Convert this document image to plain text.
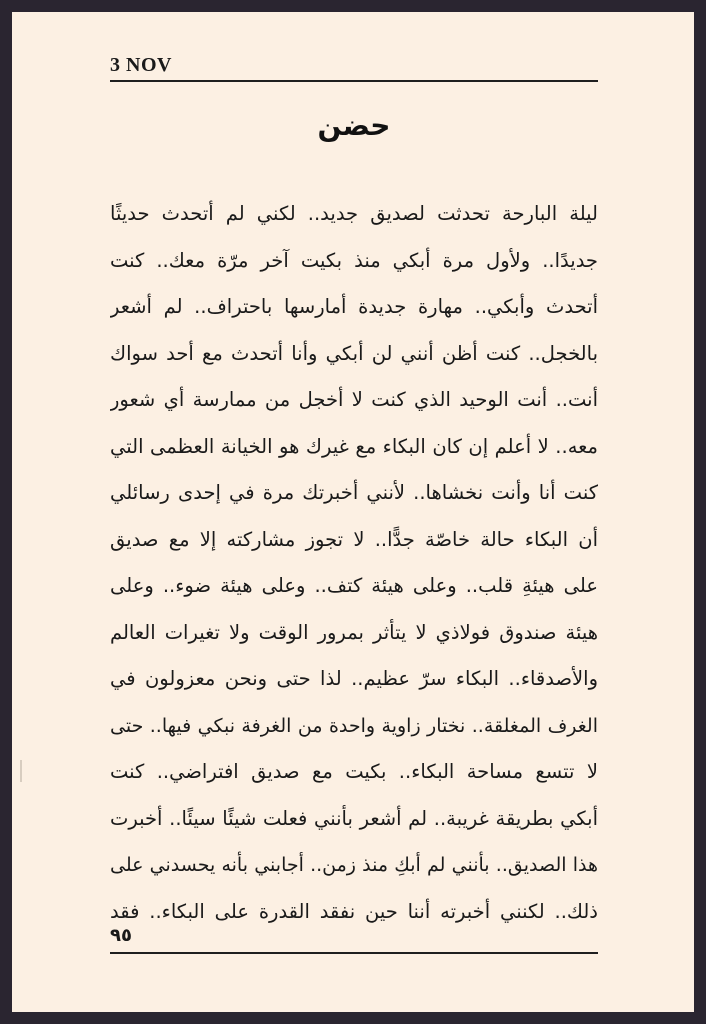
3 NOV
حضن
ليلة البارحة تحدثت لصديق جديد.. لكني لم أتحدث حديثًا
جديدًا.. ولأول مرة أبكي منذ بكيت آخر مرّة معك.. كنت
أتحدث وأبكي.. مهارة جديدة أمارسها باحتراف.. لم أشعر
بالخجل.. كنت أظن أنني لن أبكي وأنا أتحدث مع أحد سواك
أنت.. أنت الوحيد الذي كنت لا أخجل من ممارسة أي شعور
معه.. لا أعلم إن كان البكاء مع غيرك هو الخيانة العظمى التي
كنت أنا وأنت نخشاها.. لأنني أخبرتك مرة في إحدى رسائلي
أن البكاء حالة خاصّة جدًّا.. لا تجوز مشاركته إلا مع صديق
على هيئةِ قلب.. وعلى هيئة كتف.. وعلى هيئة ضوء.. وعلى
هيئة صندوق فولاذي لا يتأثر بمرور الوقت ولا تغيرات العالم
والأصدقاء.. البكاء سرّ عظيم.. لذا حتى ونحن معزولون في
الغرف المغلقة.. نختار زاوية واحدة من الغرفة نبكي فيها.. حتى
لا تتسع مساحة البكاء.. بكيت مع صديق افتراضي.. كنت
أبكي بطريقة غريبة.. لم أشعر بأنني فعلت شيئًا سيئًا.. أخبرت
هذا الصديق.. بأنني لم أبكِ منذ زمن.. أجابني بأنه يحسدني على
ذلك.. لكنني أخبرته أننا حين نفقد القدرة على البكاء.. فقد
٩٥
